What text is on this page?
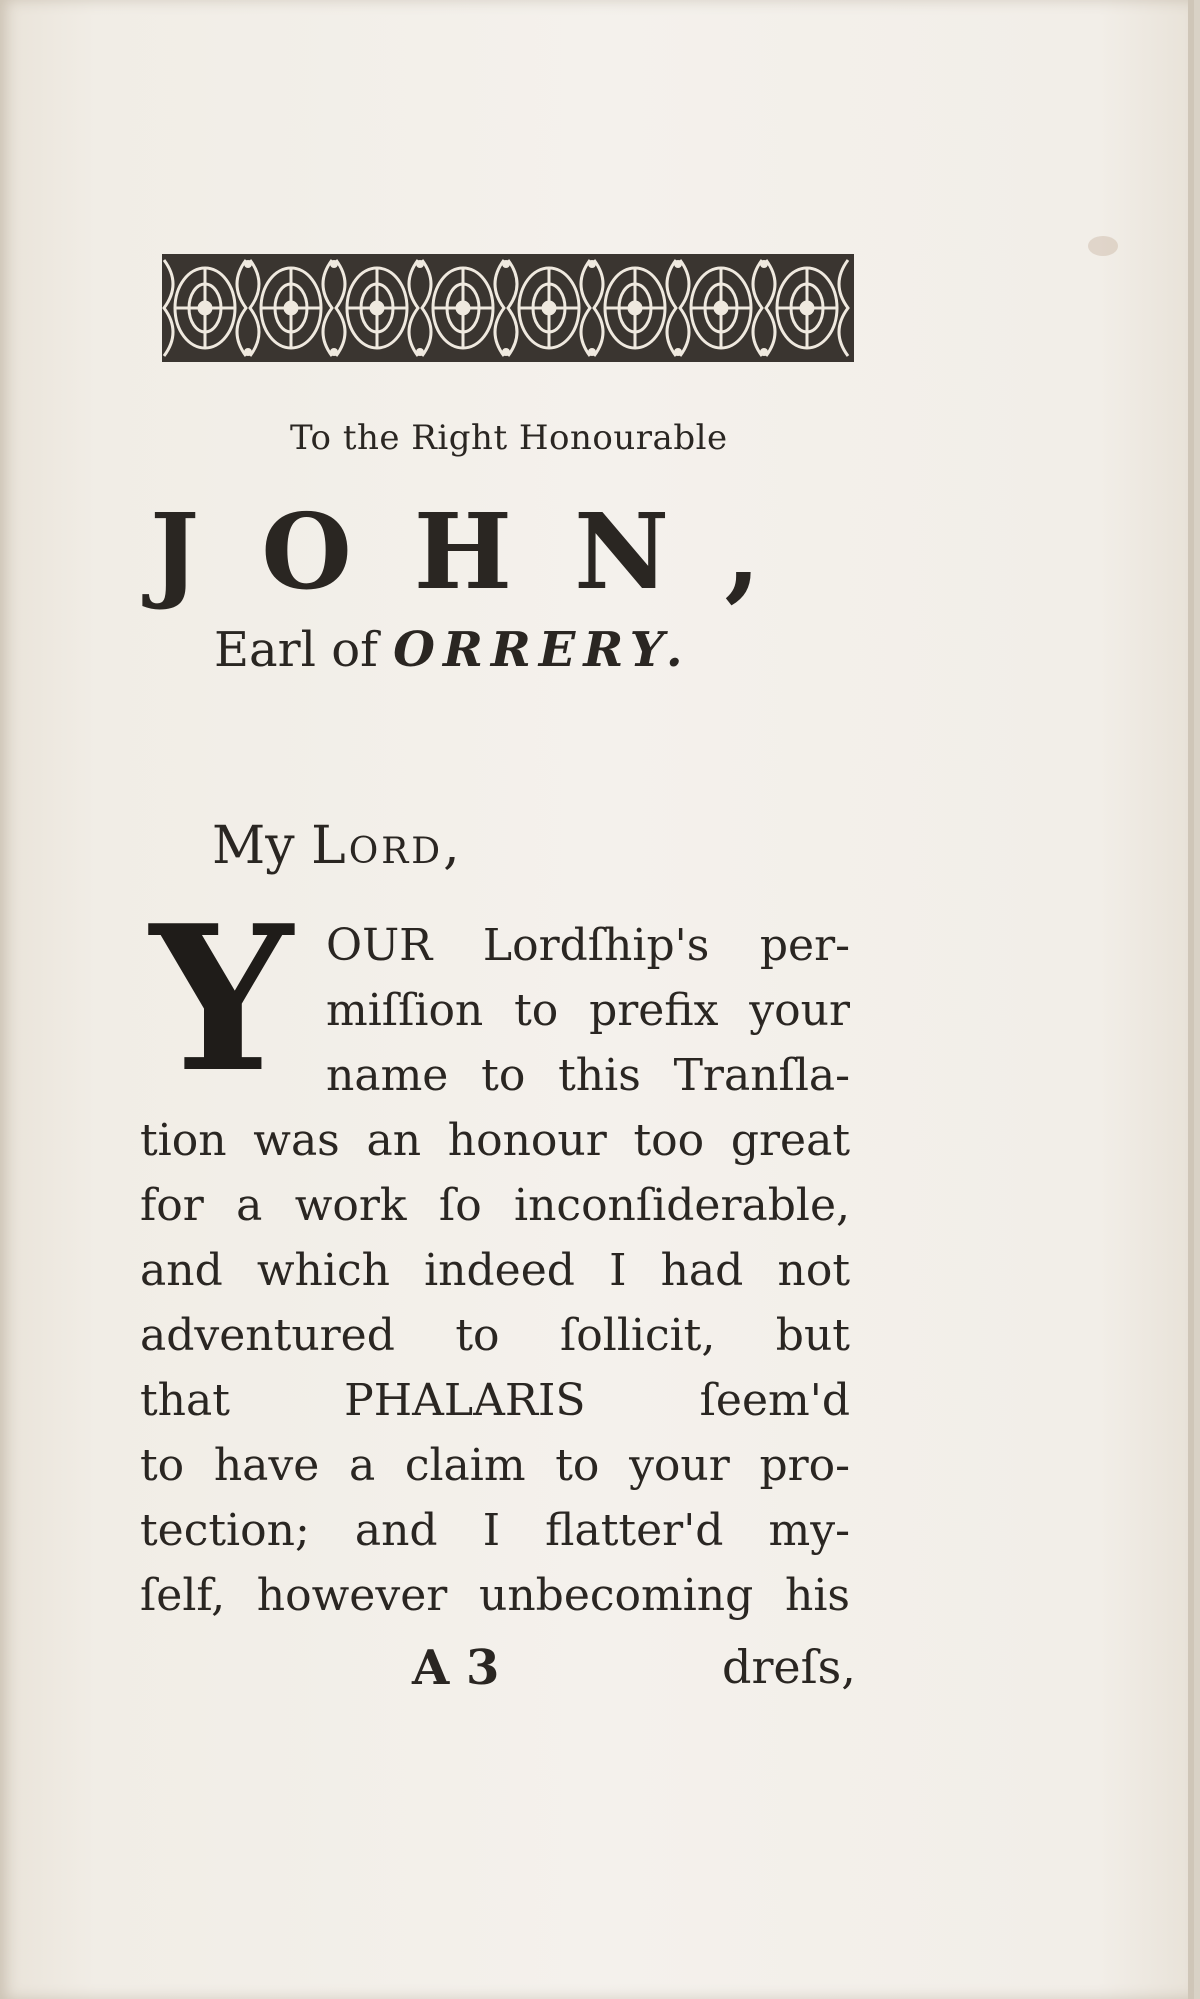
To the Right Honourable

JOHN,

Earl of ORRERY.

My Lord,

Y OUR Lordſhip's per-
miſſion to prefix your
name to this Tranſla-
tion was an honour too great
for a work ſo inconſiderable,
and which indeed I had not
adventured to ſollicit, but
that PHALARIS ſeem'd
to have a claim to your pro-
tection; and I flatter'd my-
ſelf, however unbecoming his

A 3	dreſs,
